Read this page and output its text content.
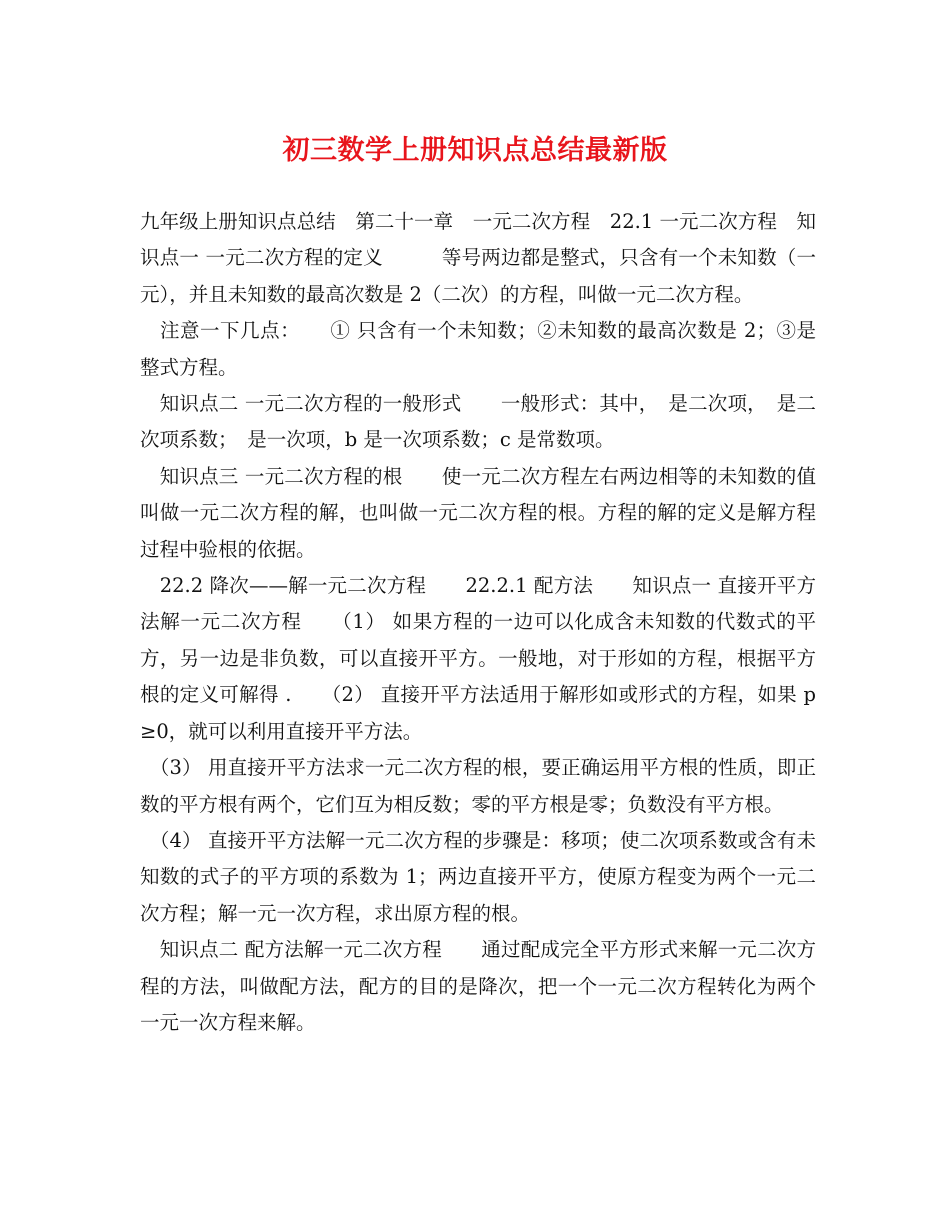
初三数学上册知识点总结最新版

九年级上册知识点总结　第二十一章　一元二次方程　22.1 一元二次方程　知识点一 一元二次方程的定义　　　等号两边都是整式，只含有一个未知数（一元），并且未知数的最高次数是 2（二次）的方程，叫做一元二次方程。

　注意一下几点：　　① 只含有一个未知数；②未知数的最高次数是 2；③是整式方程。

　知识点二 一元二次方程的一般形式　　一般形式：其中，　是二次项，　是二次项系数；　是一次项，b 是一次项系数；c 是常数项。

　知识点三 一元二次方程的根　　使一元二次方程左右两边相等的未知数的值叫做一元二次方程的解，也叫做一元二次方程的根。方程的解的定义是解方程过程中验根的依据。

　22.2 降次——解一元二次方程　　22.2.1 配方法　　知识点一 直接开平方法解一元二次方程　　（1） 如果方程的一边可以化成含未知数的代数式的平方，另一边是非负数，可以直接开平方。一般地，对于形如的方程，根据平方根的定义可解得 .　　（2） 直接开平方法适用于解形如或形式的方程，如果 p≥0，就可以利用直接开平方法。

　（3） 用直接开平方法求一元二次方程的根，要正确运用平方根的性质，即正数的平方根有两个，它们互为相反数；零的平方根是零；负数没有平方根。

　（4） 直接开平方法解一元二次方程的步骤是：移项；使二次项系数或含有未知数的式子的平方项的系数为 1；两边直接开平方，使原方程变为两个一元二次方程；解一元一次方程，求出原方程的根。

　知识点二 配方法解一元二次方程　　通过配成完全平方形式来解一元二次方程的方法，叫做配方法，配方的目的是降次，把一个一元二次方程转化为两个一元一次方程来解。
